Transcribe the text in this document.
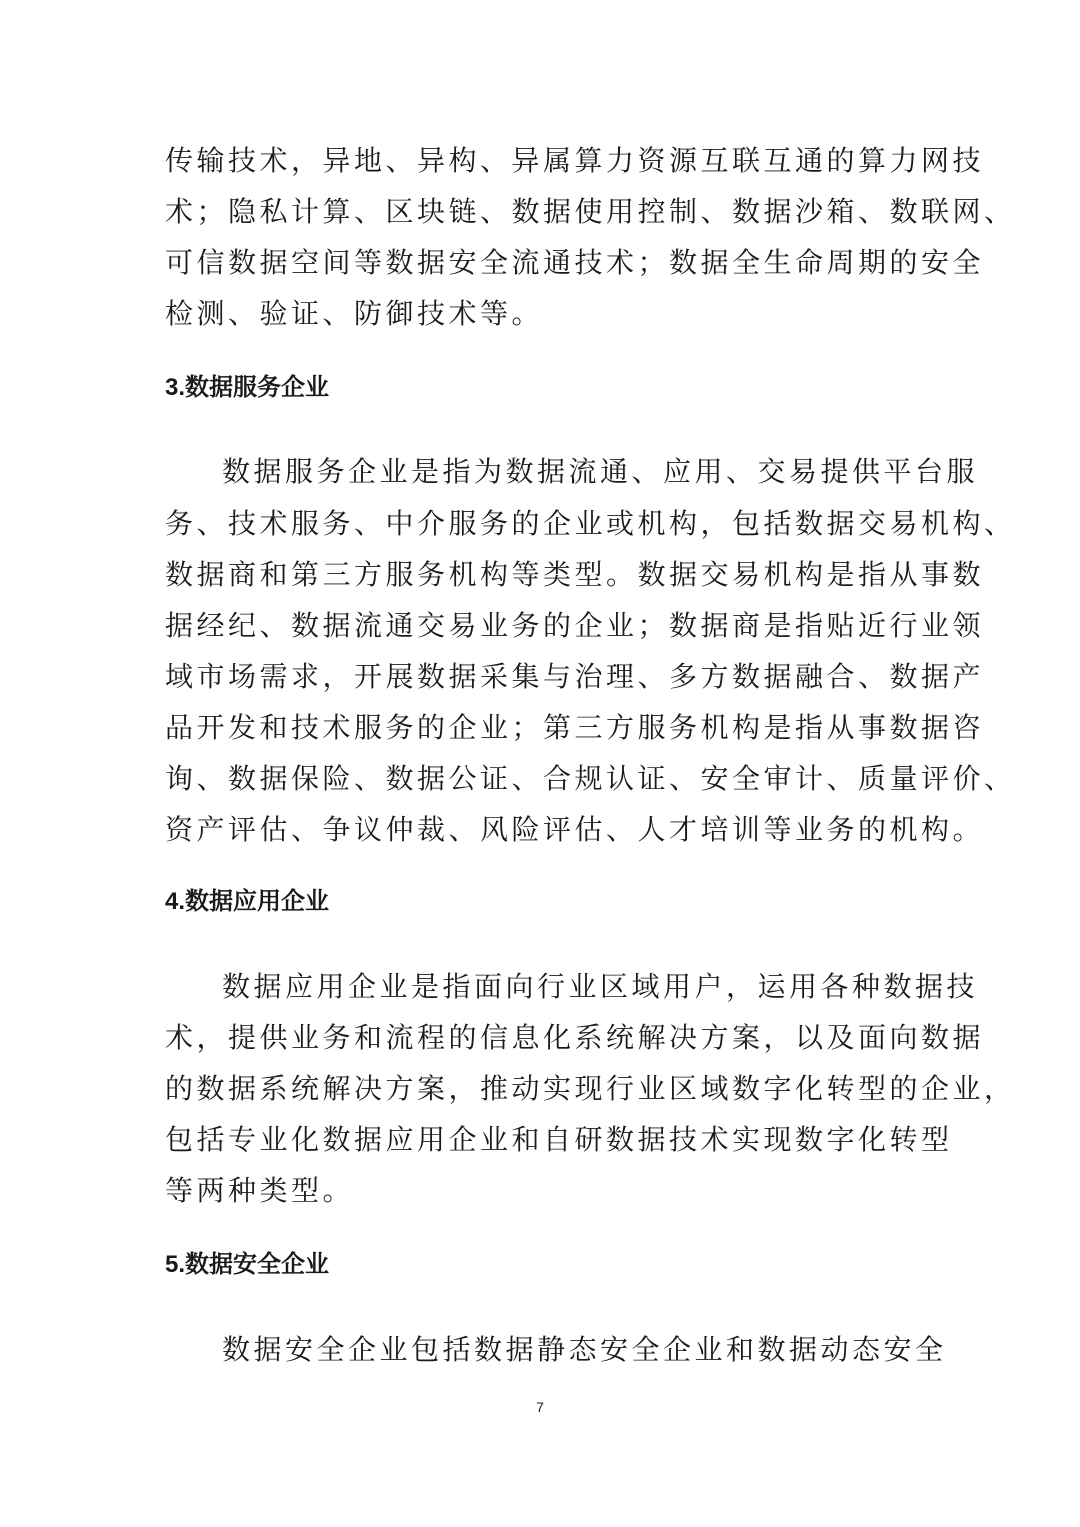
传输技术，异地、异构、异属算力资源互联互通的算力网技
术；隐私计算、区块链、数据使用控制、数据沙箱、数联网、
可信数据空间等数据安全流通技术；数据全生命周期的安全
检测、验证、防御技术等。
3.数据服务企业
数据服务企业是指为数据流通、应用、交易提供平台服
务、技术服务、中介服务的企业或机构，包括数据交易机构、
数据商和第三方服务机构等类型。数据交易机构是指从事数
据经纪、数据流通交易业务的企业；数据商是指贴近行业领
域市场需求，开展数据采集与治理、多方数据融合、数据产
品开发和技术服务的企业；第三方服务机构是指从事数据咨
询、数据保险、数据公证、合规认证、安全审计、质量评价、
资产评估、争议仲裁、风险评估、人才培训等业务的机构。
4.数据应用企业
数据应用企业是指面向行业区域用户，运用各种数据技
术，提供业务和流程的信息化系统解决方案，以及面向数据
的数据系统解决方案，推动实现行业区域数字化转型的企业，
包括专业化数据应用企业和自研数据技术实现数字化转型
等两种类型。
5.数据安全企业
数据安全企业包括数据静态安全企业和数据动态安全
7
